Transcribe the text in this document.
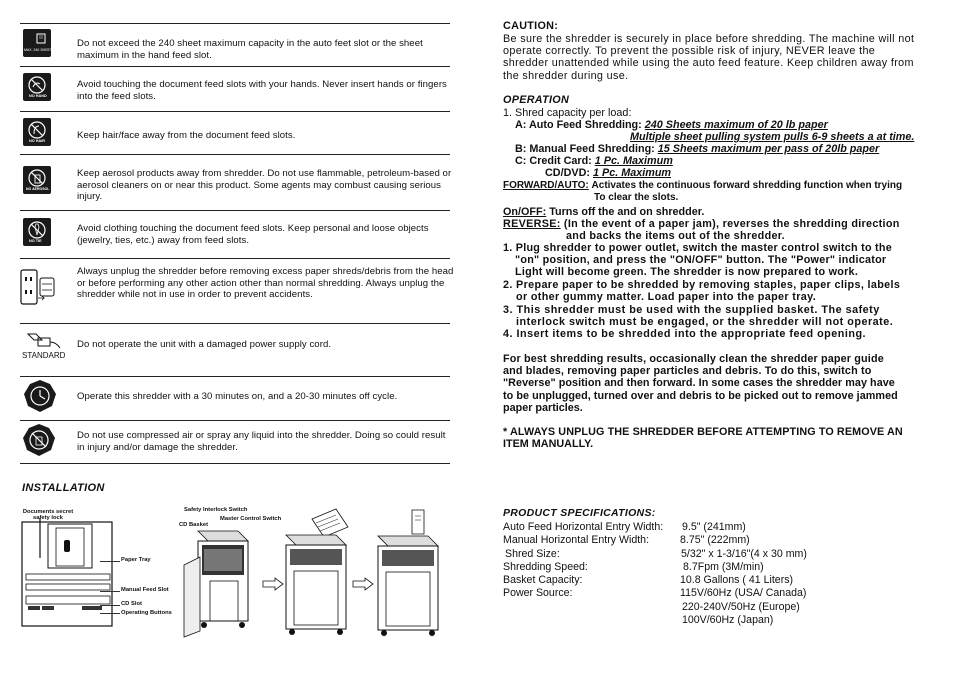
MAX. 240 SHEETS
Do not exceed the 240 sheet maximum capacity in the auto feet slot or the sheet maximum in the hand feed slot.
NO HAND
Avoid touching the document feed slots with your hands. Never insert hands or fingers into the feed slots.
NO HAIR	Keep hair/face away from the document feed slots.
NO AEROSOL
Keep aerosol products away from shredder. Do not use flammable, petroleum-based or aerosol cleaners on or near this product. Some agents may combust causing serious injury.
NO TIE
Avoid clothing touching the document feed slots. Keep personal and loose objects (jewelry, ties, etc.) away from feed slots.
Always unplug the shredder before removing excess paper shreds/debris from the head or before performing any other action other than normal shredding. Always unplug the shredder while not in use in order to prevent accidents.
STANDARD
Do not operate the unit with a damaged power supply cord.
Operate this shredder with a 30 minutes on, and a 20-30 minutes off cycle.
Do not use compressed air or spray any liquid into the shredder. Doing so could result in injury and/or damage the shredder.
INSTALLATION
Documents secret safety lock
Paper Tray
Manual Feed Slot
CD Slot
Operating Buttons
Safety Interlock Switch
CD Basket
Master Control Switch
CAUTION:
Be sure the shredder is securely in place before shredding. The machine will not operate correctly. To prevent the possible risk of injury, NEVER leave the shredder unattended while using the auto feed feature. Keep children away from the shredder during use.
OPERATION
1. Shred capacity per load:
A: Auto Feed Shredding: 240 Sheets maximum of 20 lb paper
Multiple sheet pulling system pulls 6-9 sheets a at time.
B: Manual Feed Shredding: 15 Sheets maximum per pass of 20lb paper
C: Credit Card: 1 Pc. Maximum
CD/DVD: 1 Pc. Maximum
FORWARD/AUTO: Activates the continuous forward shredding function when trying
To clear the slots.
On/OFF: Turns off the and on shredder.
REVERSE: (In the event of a paper jam), reverses the shredding direction
and backs the items out of the shredder.
1. Plug shredder to power outlet, switch the master control switch to the
"on" position, and press the "ON/OFF" button. The "Power" indicator
Light will become green. The shredder is now prepared to work.
2. Prepare paper to be shredded by removing staples, paper clips, labels
or other gummy matter. Load paper into the paper tray.
3. This shredder must be used with the supplied basket. The safety
interlock switch must be engaged, or the shredder will not operate.
4. Insert items to be shredded into the appropriate feed opening.
For best shredding results, occasionally clean the shredder paper guide
and blades, removing paper particles and debris. To do this, switch to
"Reverse" position and then forward. In some cases the shredder may have
to be unplugged, turned over and debris to be picked out to remove jammed
paper particles.
* ALWAYS UNPLUG THE SHREDDER BEFORE ATTEMPTING TO REMOVE AN
ITEM MANUALLY.
PRODUCT SPECIFICATIONS:
Auto Feed Horizontal Entry Width: 9.5" (241mm)
Manual Horizontal Entry Width:	8.75" (222mm)
Shred Size:	5/32" x 1-3/16"(4 x 30 mm)
Shredding Speed:	8.7Fpm (3M/min)
Basket Capacity:	10.8 Gallons ( 41 Liters)
Power Source:	115V/60Hz (USA/ Canada)
220-240V/50Hz (Europe)
100V/60Hz (Japan)
